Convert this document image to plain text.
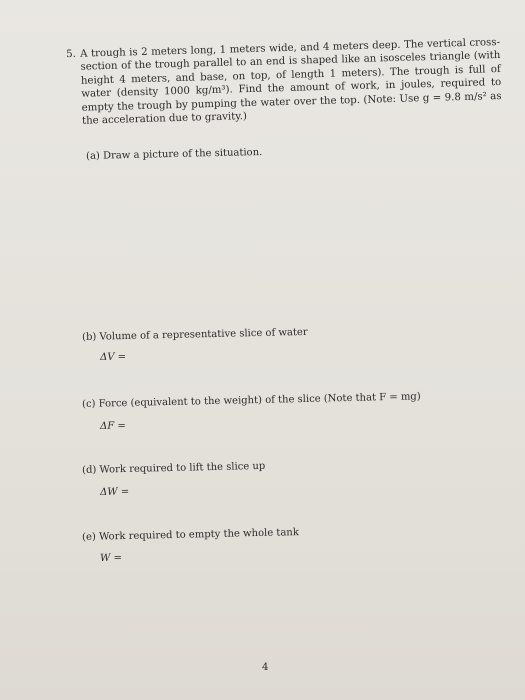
5. A trough is 2 meters long, 1 meters wide, and 4 meters deep. The vertical cross-section of the trough parallel to an end is shaped like an isosceles triangle (with height 4 meters, and base, on top, of length 1 meters). The trough is full of water (density 1000 kg/m³). Find the amount of work, in joules, required to empty the trough by pumping the water over the top. (Note: Use g = 9.8 m/s² as the acceleration due to gravity.)
(a) Draw a picture of the situation.
(b) Volume of a representative slice of water
ΔV =
(c) Force (equivalent to the weight) of the slice (Note that F = mg)
ΔF =
(d) Work required to lift the slice up
ΔW =
(e) Work required to empty the whole tank
W =
4
